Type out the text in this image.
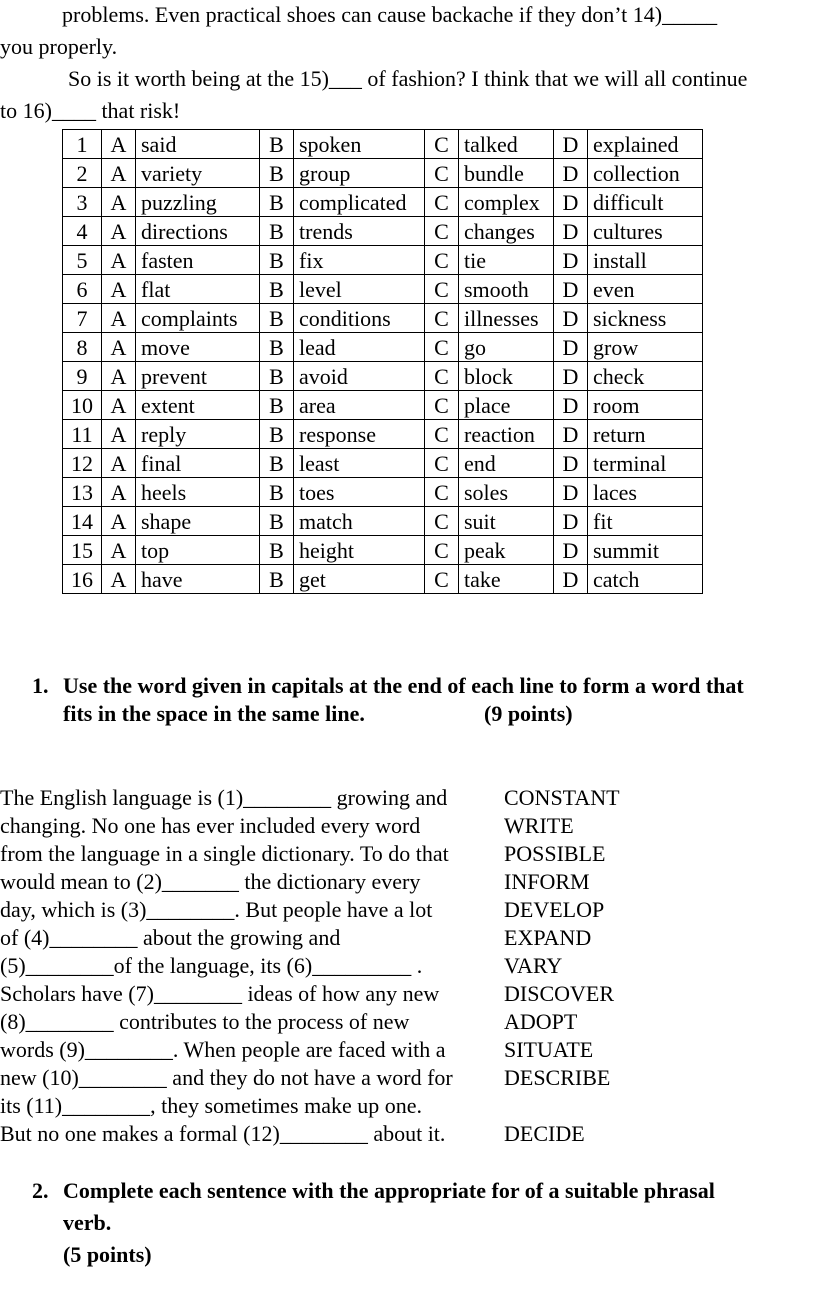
problems. Even practical shoes can cause backache if they don’t 14)_____
you properly.
So is it worth being at the 15)___ of fashion? I think that we will all continue
to 16)____ that risk!
1	A	said	B	spoken	C	talked	D	explained
2	A	variety	B	group	C	bundle	D	collection
3	A	puzzling	B	complicated	C	complex	D	difficult
4	A	directions	B	trends	C	changes	D	cultures
5	A	fasten	B	fix	C	tie	D	install
6	A	flat	B	level	C	smooth	D	even
7	A	complaints	B	conditions	C	illnesses	D	sickness
8	A	move	B	lead	C	go	D	grow
9	A	prevent	B	avoid	C	block	D	check
10	A	extent	B	area	C	place	D	room
11	A	reply	B	response	C	reaction	D	return
12	A	final	B	least	C	end	D	terminal
13	A	heels	B	toes	C	soles	D	laces
14	A	shape	B	match	C	suit	D	fit
15	A	top	B	height	C	peak	D	summit
16	A	have	B	get	C	take	D	catch
1. Use the word given in capitals at the end of each line to form a word that
fits in the space in the same line.	(9 points)
The English language is (1)________ growing and	CONSTANT
changing. No one has ever included every word	WRITE
from the language in a single dictionary. To do that	POSSIBLE
would mean to (2)_______ the dictionary every	INFORM
day, which is (3)________. But people have a lot	DEVELOP
of (4)________ about the growing and	EXPAND
(5)________of the language, its (6)_________ .	VARY
Scholars have (7)________ ideas of how any new	DISCOVER
(8)________ contributes to the process of new	ADOPT
words (9)________. When people are faced with a	SITUATE
new (10)________ and they do not have a word for DESCRIBE
its (11)________, they sometimes make up one.
But no one makes a formal (12)________ about it.	DECIDE
2. Complete each sentence with the appropriate for of a suitable phrasal
verb.
(5 points)
